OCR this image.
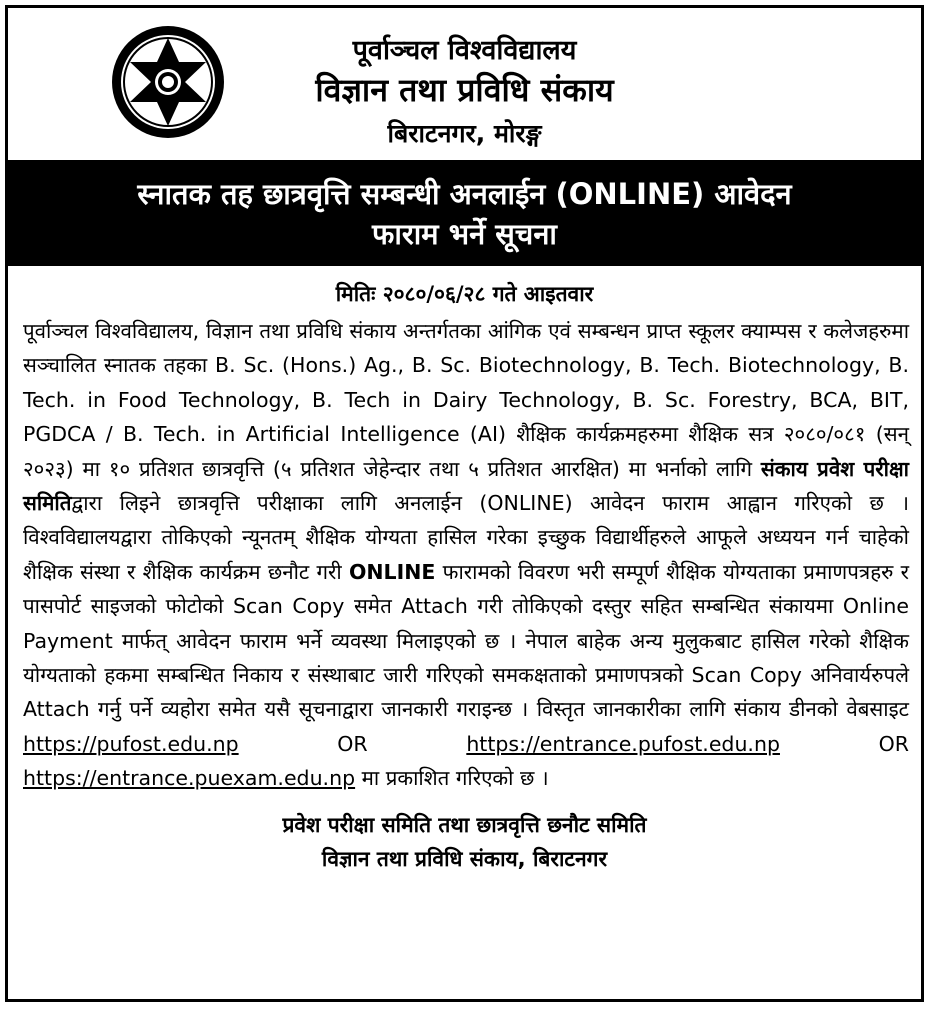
पूर्वाञ्चल विश्वविद्यालय
विज्ञान तथा प्रविधि संकाय
बिराटनगर, मोरङ्ग
स्नातक तह छात्रवृत्ति सम्बन्धी अनलाईन (ONLINE) आवेदन
फाराम भर्ने सूचना
मितिः २०८०/०६/२८ गते आइतवार
पूर्वाञ्चल विश्वविद्यालय, विज्ञान तथा प्रविधि संकाय अन्तर्गतका आंगिक एवं सम्बन्धन प्राप्त स्कूलर क्याम्पस र कलेजहरुमा सञ्चालित स्नातक तहका B. Sc. (Hons.) Ag., B. Sc. Biotechnology, B. Tech. Biotechnology, B. Tech. in Food Technology, B. Tech in Dairy Technology, B. Sc. Forestry, BCA, BIT, PGDCA / B. Tech. in Artificial Intelligence (AI) शैक्षिक कार्यक्रमहरुमा शैक्षिक सत्र २०८०/०८१ (सन् २०२३) मा १० प्रतिशत छात्रवृत्ति (५ प्रतिशत जेहेन्दार तथा ५ प्रतिशत आरक्षित) मा भर्नाको लागि संकाय प्रवेश परीक्षा समितिद्वारा लिइने छात्रवृत्ति परीक्षाका लागि अनलाईन (ONLINE) आवेदन फाराम आह्वान गरिएको छ । विश्वविद्यालयद्वारा तोकिएको न्यूनतम् शैक्षिक योग्यता हासिल गरेका इच्छुक विद्यार्थीहरुले आफूले अध्ययन गर्न चाहेको शैक्षिक संस्था र शैक्षिक कार्यक्रम छनौट गरी ONLINE फारामको विवरण भरी सम्पूर्ण शैक्षिक योग्यताका प्रमाणपत्रहरु र पासपोर्ट साइजको फोटोको Scan Copy समेत Attach गरी तोकिएको दस्तुर सहित सम्बन्धित संकायमा Online Payment मार्फत् आवेदन फाराम भर्ने व्यवस्था मिलाइएको छ । नेपाल बाहेक अन्य मुलुकबाट हासिल गरेको शैक्षिक योग्यताको हकमा सम्बन्धित निकाय र संस्थाबाट जारी गरिएको समकक्षताको प्रमाणपत्रको Scan Copy अनिवार्यरुपले Attach गर्नु पर्ने व्यहोरा समेत यसै सूचनाद्वारा जानकारी गराइन्छ । विस्तृत जानकारीका लागि संकाय डीनको वेबसाइट https://pufost.edu.np OR https://entrance.pufost.edu.np OR https://entrance.puexam.edu.np मा प्रकाशित गरिएको छ ।
प्रवेश परीक्षा समिति तथा छात्रवृत्ति छनौट समिति
विज्ञान तथा प्रविधि संकाय, बिराटनगर
